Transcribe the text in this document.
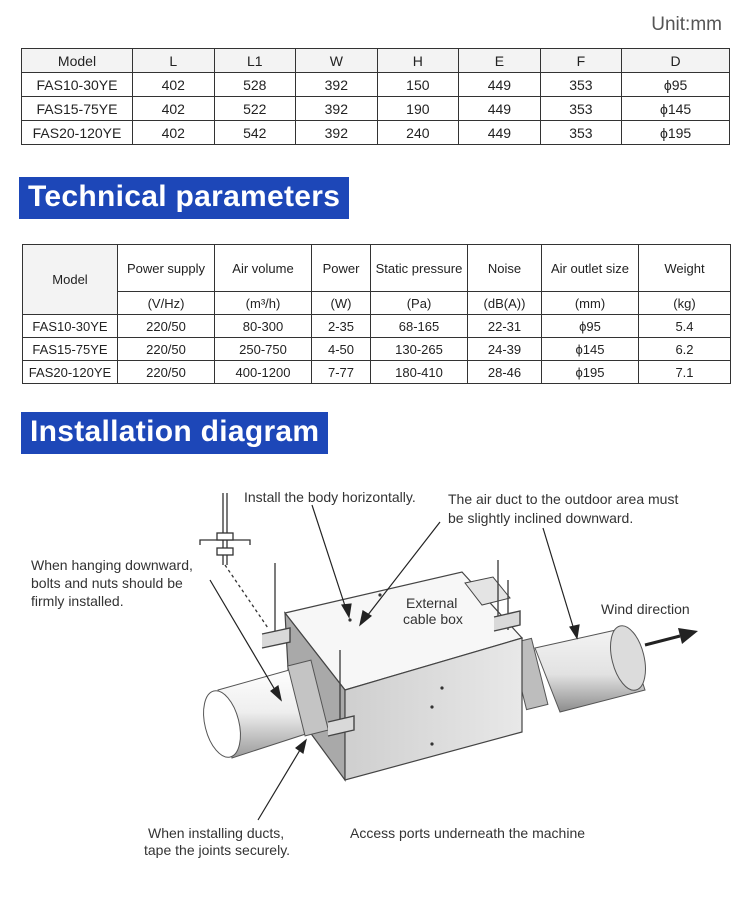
Unit:mm
Model	L	L1	W	H	E	F	D
FAS10-30YE	402	528	392	150	449	353	ϕ95
FAS15-75YE	402	522	392	190	449	353	ϕ145
FAS20-120YE	402	542	392	240	449	353	ϕ195
Technical parameters
Model	Power supply	Air volume	Power	Static pressure	Noise	Air outlet size	Weight
	(V/Hz)	(m³/h)	(W)	(Pa)	(dB(A))	(mm)	(kg)
FAS10-30YE	220/50	80-300	2-35	68-165	22-31	ϕ95	5.4
FAS15-75YE	220/50	250-750	4-50	130-265	24-39	ϕ145	6.2
FAS20-120YE	220/50	400-1200	7-77	180-410	28-46	ϕ195	7.1
Installation diagram
Install the body horizontally. The air duct to the outdoor area must
be slightly inclined downward.
When hanging downward,
bolts and nuts should be
firmly installed.	External
cable box
Wind direction
When installing ducts,
tape the joints securely.
Access ports underneath the machine
